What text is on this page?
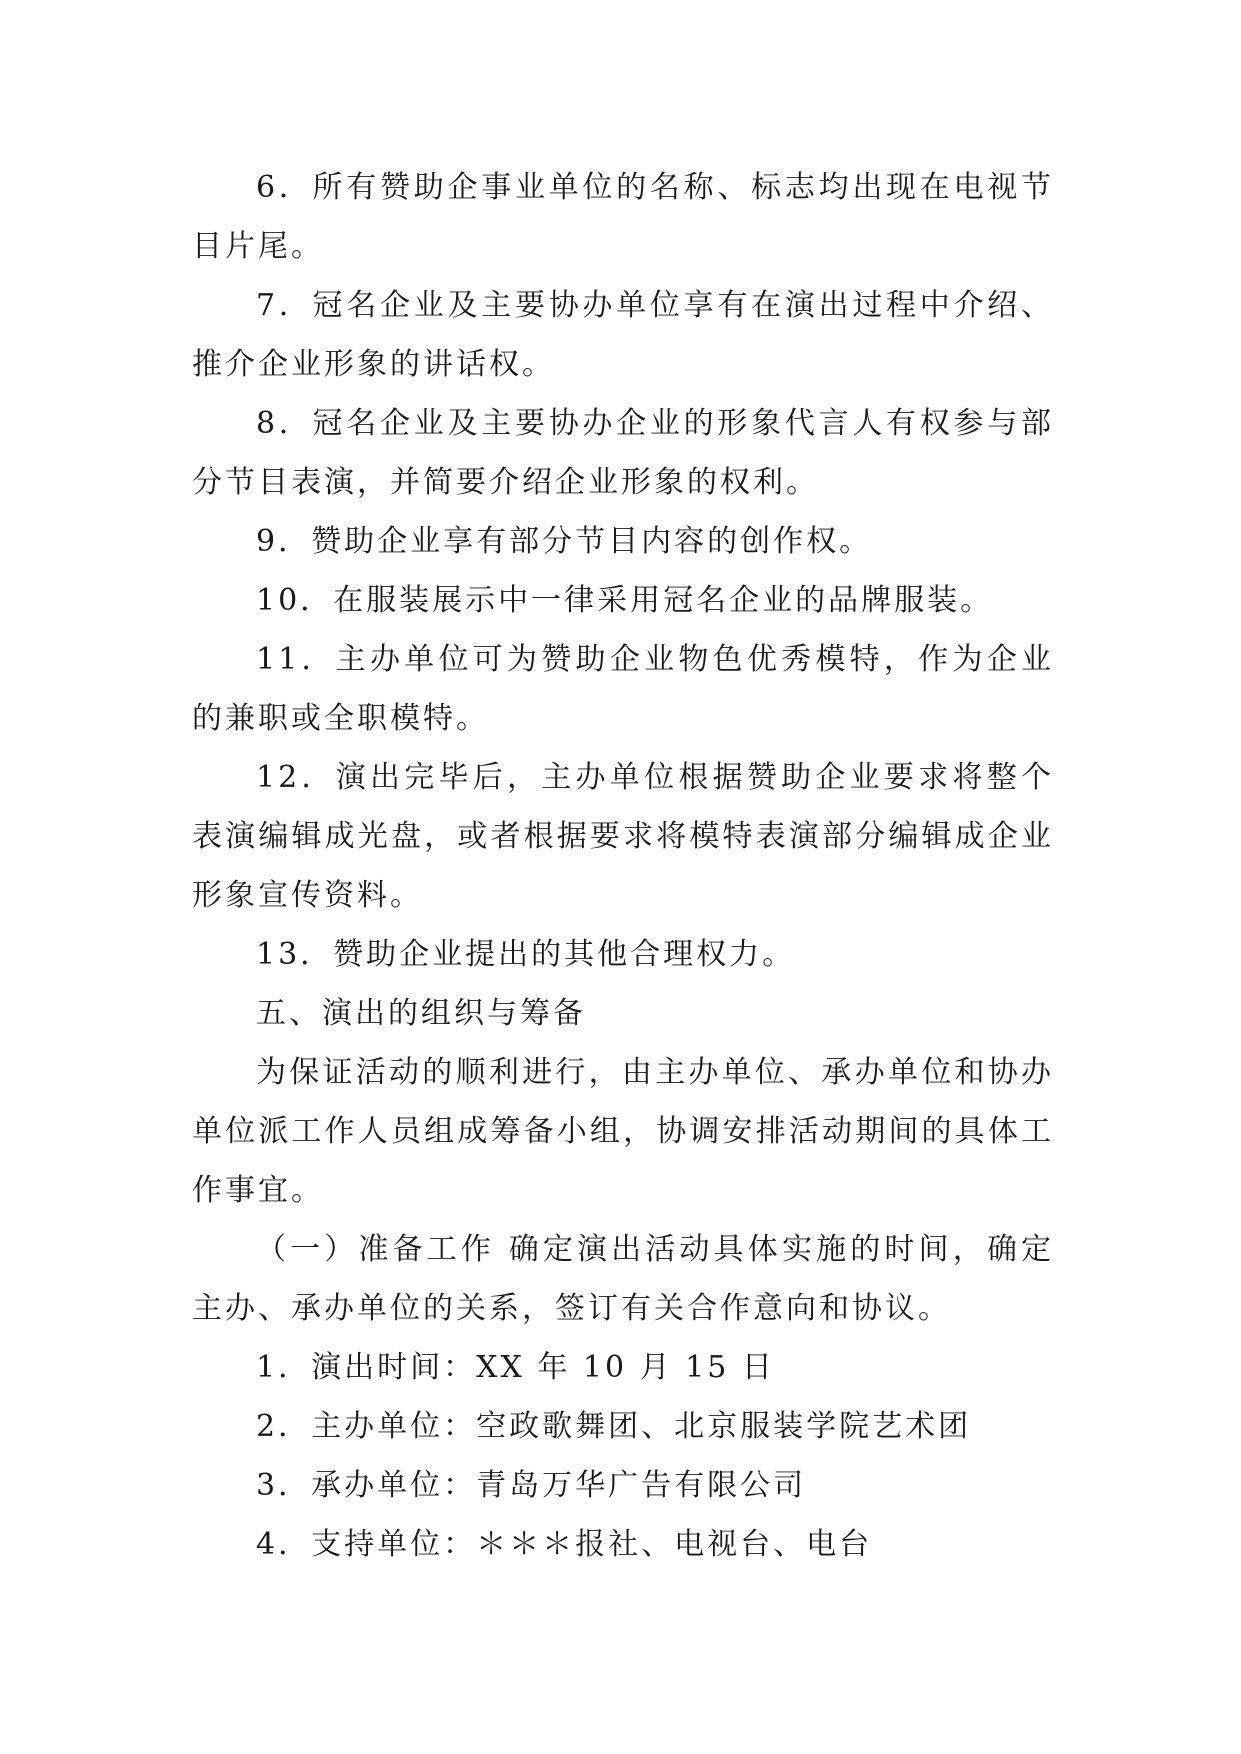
6．所有赞助企事业单位的名称、标志均出现在电视节目片尾。

7．冠名企业及主要协办单位享有在演出过程中介绍、推介企业形象的讲话权。

8．冠名企业及主要协办企业的形象代言人有权参与部分节目表演，并简要介绍企业形象的权利。

9．赞助企业享有部分节目内容的创作权。

10．在服装展示中一律采用冠名企业的品牌服装。

11．主办单位可为赞助企业物色优秀模特，作为企业的兼职或全职模特。

12．演出完毕后，主办单位根据赞助企业要求将整个表演编辑成光盘，或者根据要求将模特表演部分编辑成企业形象宣传资料。

13．赞助企业提出的其他合理权力。

五、演出的组织与筹备

为保证活动的顺利进行，由主办单位、承办单位和协办单位派工作人员组成筹备小组，协调安排活动期间的具体工作事宜。

（一）准备工作 确定演出活动具体实施的时间，确定主办、承办单位的关系，签订有关合作意向和协议。

1．演出时间：XX 年 10 月 15 日

2．主办单位：空政歌舞团、北京服装学院艺术团

3．承办单位：青岛万华广告有限公司

4．支持单位：＊＊＊报社、电视台、电台
